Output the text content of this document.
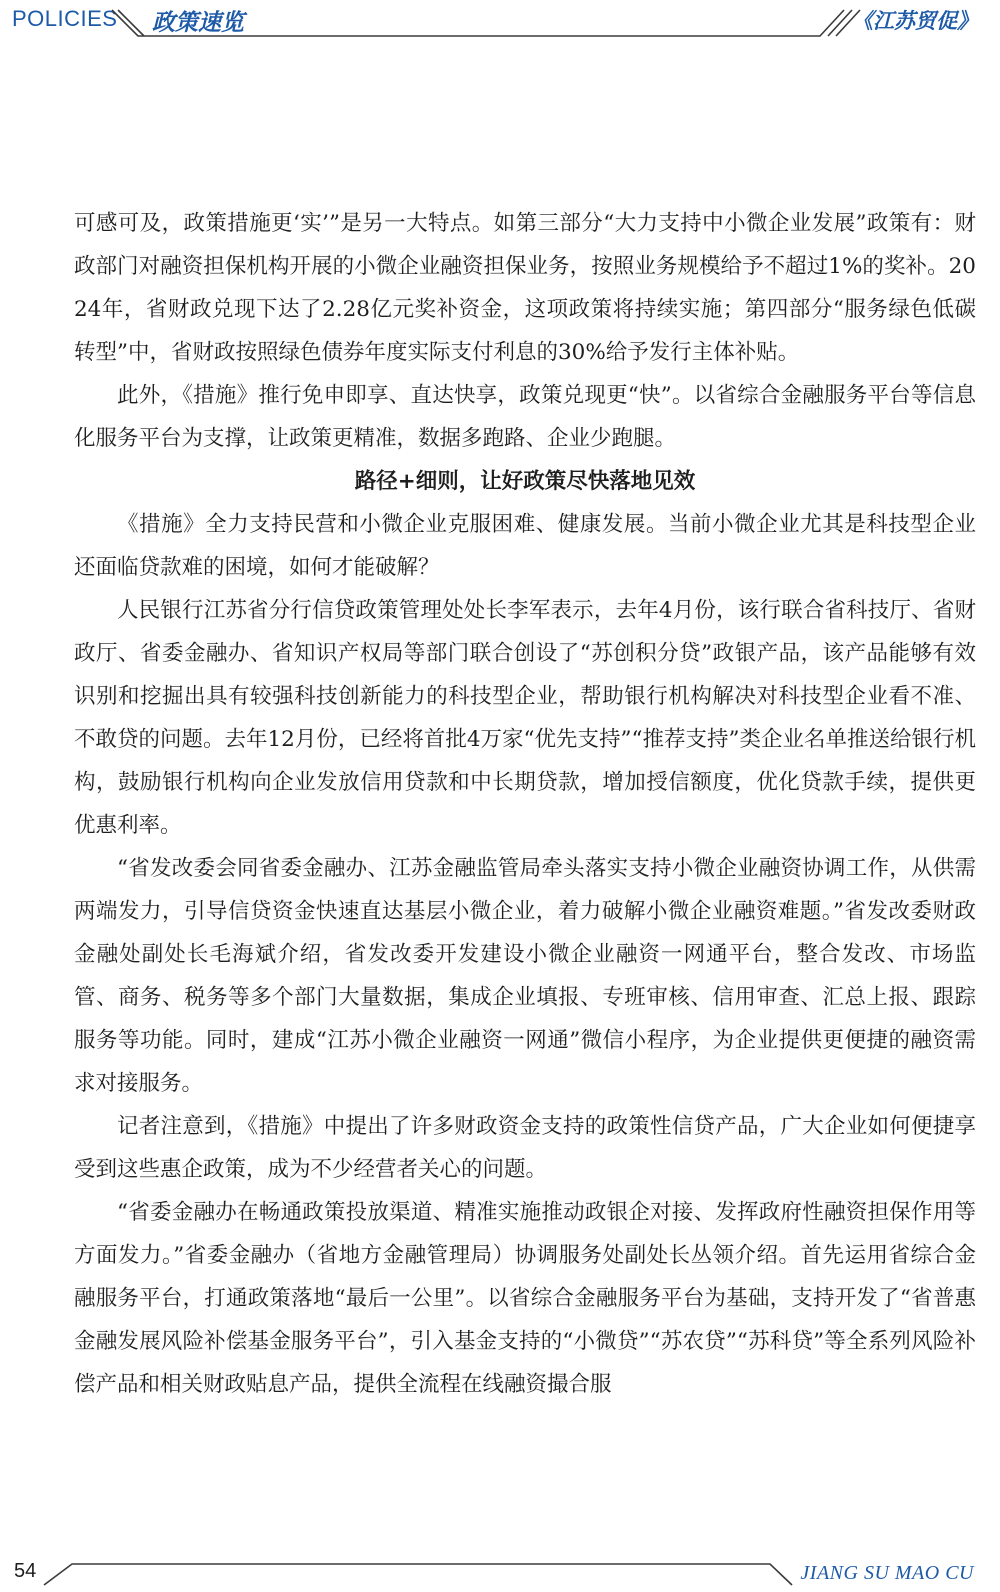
POLICIES 政策速览	《江苏贸促》

可感可及，政策措施更‘实’”是另一大特点。如第三部分“大力支持中小微企业发展”政策有：财政部门对融资担保机构开展的小微企业融资担保业务，按照业务规模给予不超过1%的奖补。2024年，省财政兑现下达了2.28亿元奖补资金，这项政策将持续实施；第四部分“服务绿色低碳转型”中，省财政按照绿色债券年度实际支付利息的30%给予发行主体补贴。

此外，《措施》推行免申即享、直达快享，政策兑现更“快”。以省综合金融服务平台等信息化服务平台为支撑，让政策更精准，数据多跑路、企业少跑腿。

路径+细则，让好政策尽快落地见效

《措施》全力支持民营和小微企业克服困难、健康发展。当前小微企业尤其是科技型企业还面临贷款难的困境，如何才能破解？

人民银行江苏省分行信贷政策管理处处长李军表示，去年4月份，该行联合省科技厅、省财政厅、省委金融办、省知识产权局等部门联合创设了“苏创积分贷”政银产品，该产品能够有效识别和挖掘出具有较强科技创新能力的科技型企业，帮助银行机构解决对科技型企业看不准、不敢贷的问题。去年12月份，已经将首批4万家“优先支持”“推荐支持”类企业名单推送给银行机构，鼓励银行机构向企业发放信用贷款和中长期贷款，增加授信额度，优化贷款手续，提供更优惠利率。

“省发改委会同省委金融办、江苏金融监管局牵头落实支持小微企业融资协调工作，从供需两端发力，引导信贷资金快速直达基层小微企业，着力破解小微企业融资难题。”省发改委财政金融处副处长毛海斌介绍，省发改委开发建设小微企业融资一网通平台，整合发改、市场监管、商务、税务等多个部门大量数据，集成企业填报、专班审核、信用审查、汇总上报、跟踪服务等功能。同时，建成“江苏小微企业融资一网通”微信小程序，为企业提供更便捷的融资需求对接服务。

记者注意到，《措施》中提出了许多财政资金支持的政策性信贷产品，广大企业如何便捷享受到这些惠企政策，成为不少经营者关心的问题。

“省委金融办在畅通政策投放渠道、精准实施推动政银企对接、发挥政府性融资担保作用等方面发力。”省委金融办（省地方金融管理局）协调服务处副处长丛领介绍。首先运用省综合金融服务平台，打通政策落地“最后一公里”。以省综合金融服务平台为基础，支持开发了“省普惠金融发展风险补偿基金服务平台”，引入基金支持的“小微贷”“苏农贷”“苏科贷”等全系列风险补偿产品和相关财政贴息产品，提供全流程在线融资撮合服

54	JIANG SU MAO CU
